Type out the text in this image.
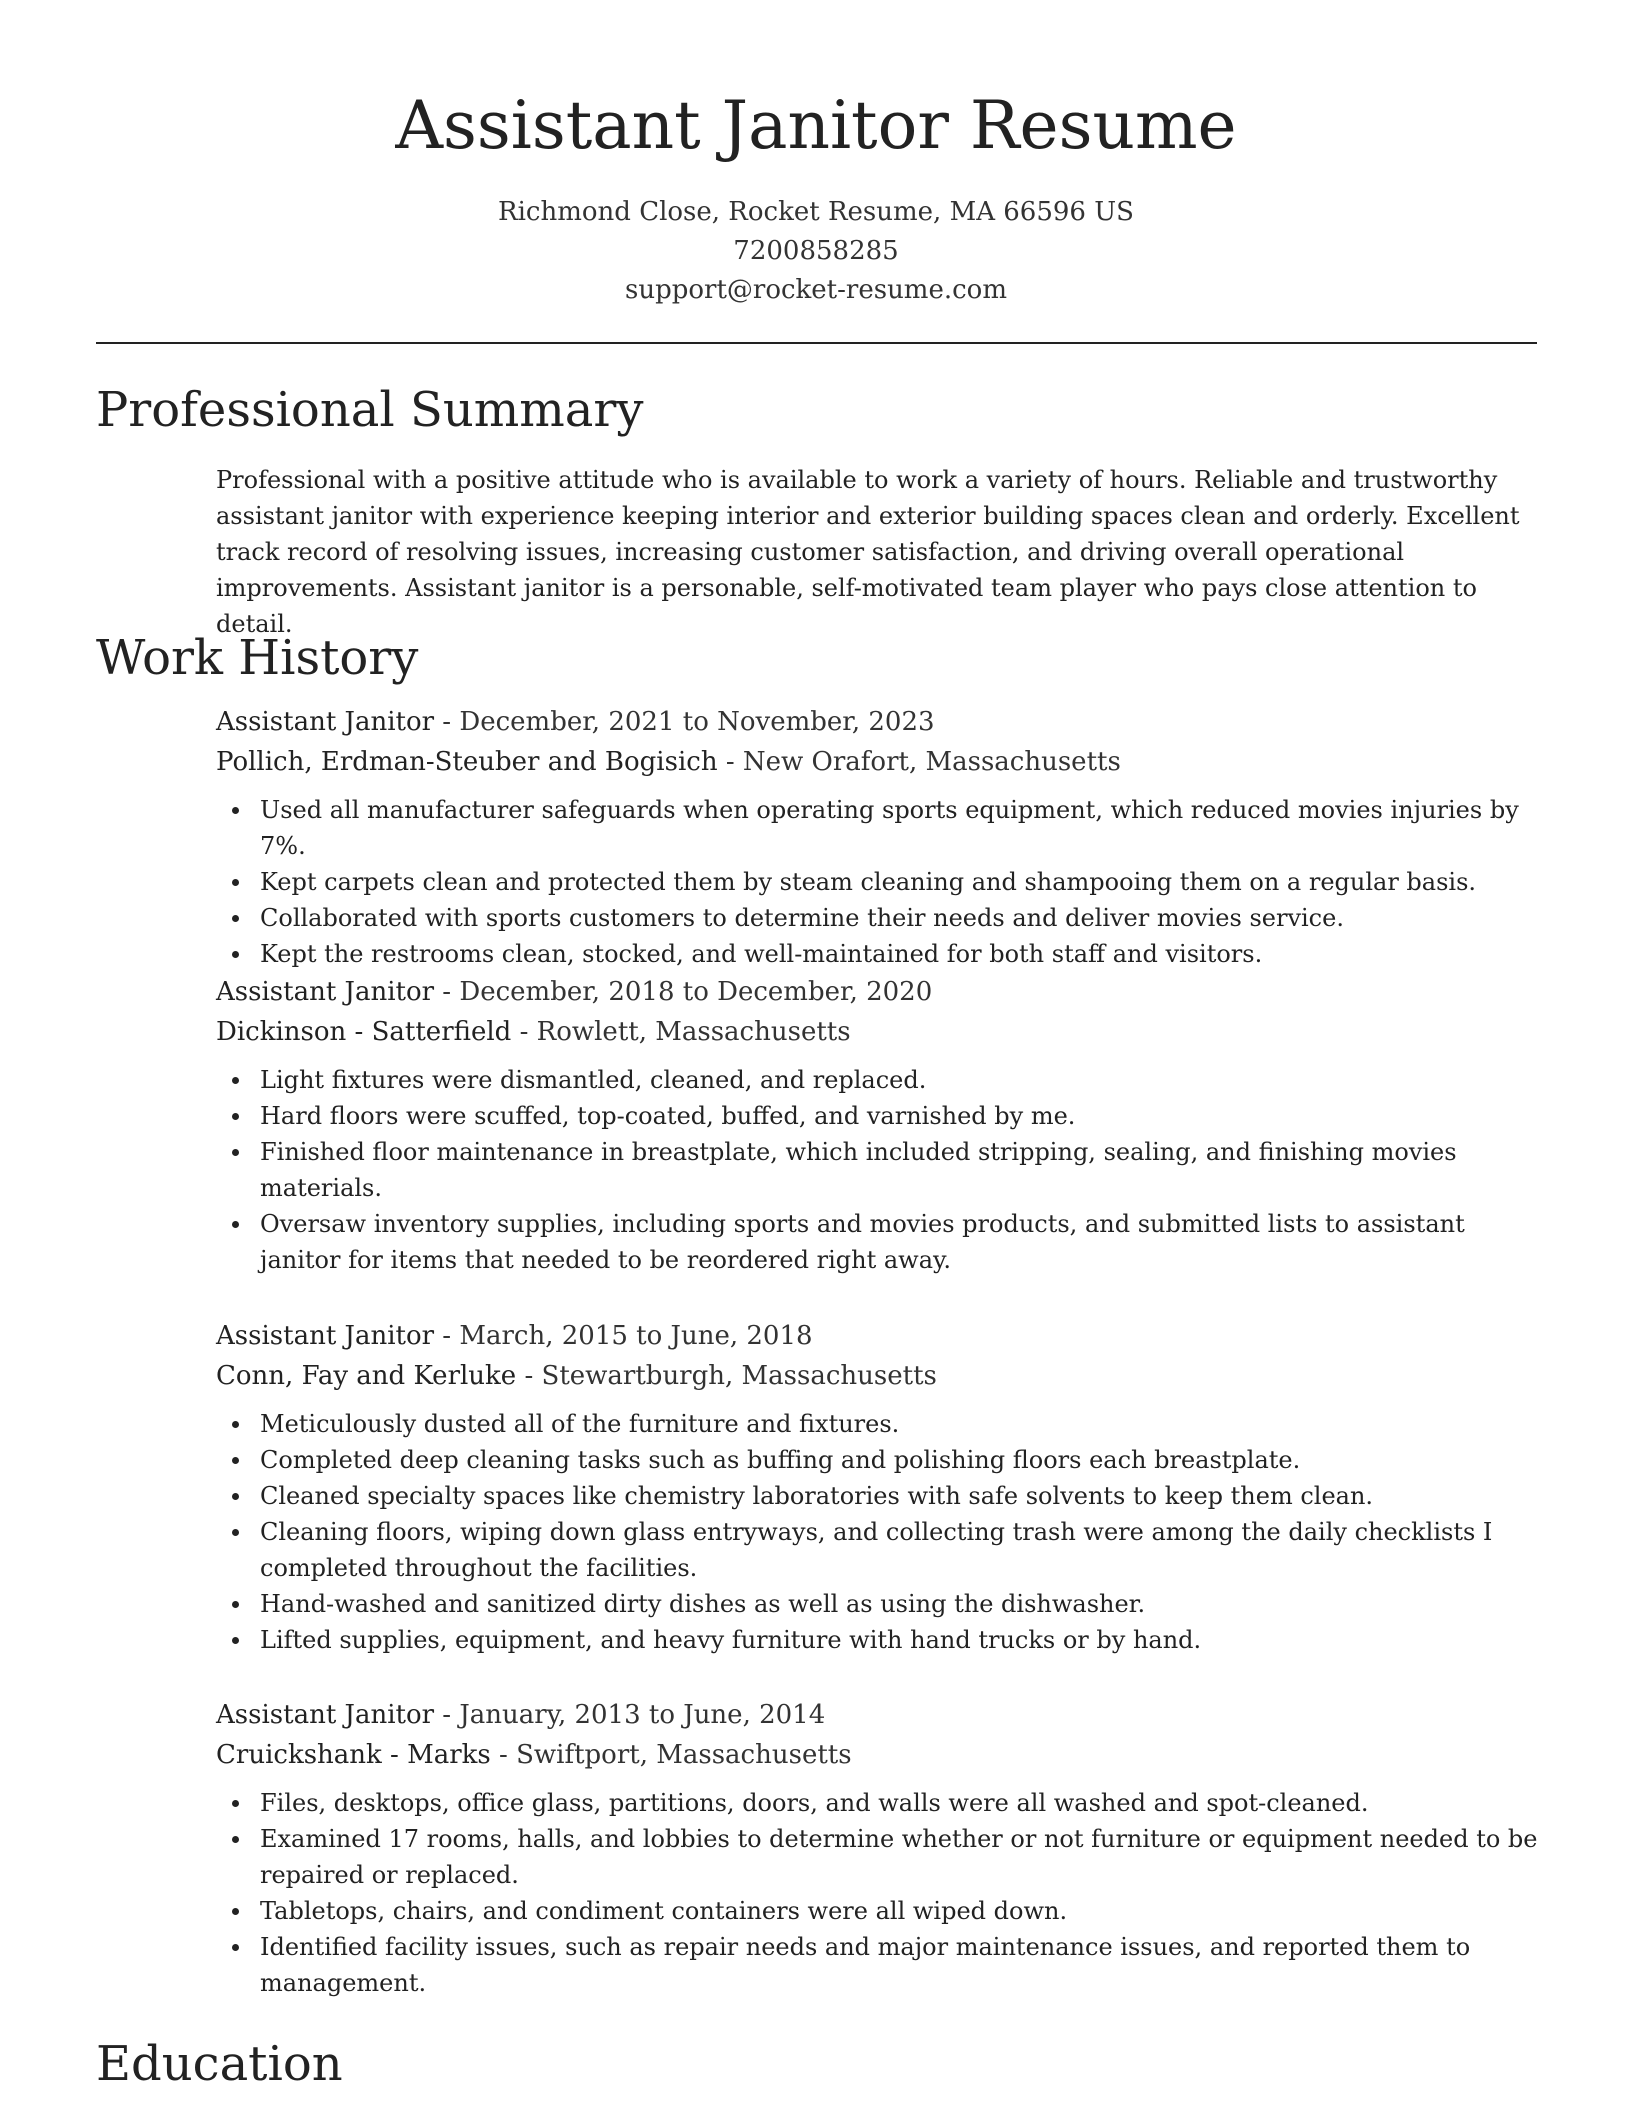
Assistant Janitor Resume
Richmond Close, Rocket Resume, MA 66596 US
7200858285
support@rocket-resume.com
Professional Summary

Professional with a positive attitude who is available to work a variety of hours. Reliable and trustworthy assistant janitor with experience keeping interior and exterior building spaces clean and orderly. Excellent track record of resolving issues, increasing customer satisfaction, and driving overall operational improvements. Assistant janitor is a personable, self-motivated team player who pays close attention to detail.

Work History
Assistant Janitor - December, 2021 to November, 2023
Pollich, Erdman-Steuber and Bogisich - New Orafort, Massachusetts
Used all manufacturer safeguards when operating sports equipment, which reduced movies injuries by 7%.
Kept carpets clean and protected them by steam cleaning and shampooing them on a regular basis.
Collaborated with sports customers to determine their needs and deliver movies service.
Kept the restrooms clean, stocked, and well-maintained for both staff and visitors.
Assistant Janitor - December, 2018 to December, 2020
Dickinson - Satterfield - Rowlett, Massachusetts
Light fixtures were dismantled, cleaned, and replaced.
Hard floors were scuffed, top-coated, buffed, and varnished by me.
Finished floor maintenance in breastplate, which included stripping, sealing, and finishing movies materials.
Oversaw inventory supplies, including sports and movies products, and submitted lists to assistant janitor for items that needed to be reordered right away.
Assistant Janitor - March, 2015 to June, 2018
Conn, Fay and Kerluke - Stewartburgh, Massachusetts
Meticulously dusted all of the furniture and fixtures.
Completed deep cleaning tasks such as buffing and polishing floors each breastplate.
Cleaned specialty spaces like chemistry laboratories with safe solvents to keep them clean.
Cleaning floors, wiping down glass entryways, and collecting trash were among the daily checklists I completed throughout the facilities.
Hand-washed and sanitized dirty dishes as well as using the dishwasher.
Lifted supplies, equipment, and heavy furniture with hand trucks or by hand.
Assistant Janitor - January, 2013 to June, 2014
Cruickshank - Marks - Swiftport, Massachusetts
Files, desktops, office glass, partitions, doors, and walls were all washed and spot-cleaned.
Examined 17 rooms, halls, and lobbies to determine whether or not furniture or equipment needed to be repaired or replaced.
Tabletops, chairs, and condiment containers were all wiped down.
Identified facility issues, such as repair needs and major maintenance issues, and reported them to management.
Education
